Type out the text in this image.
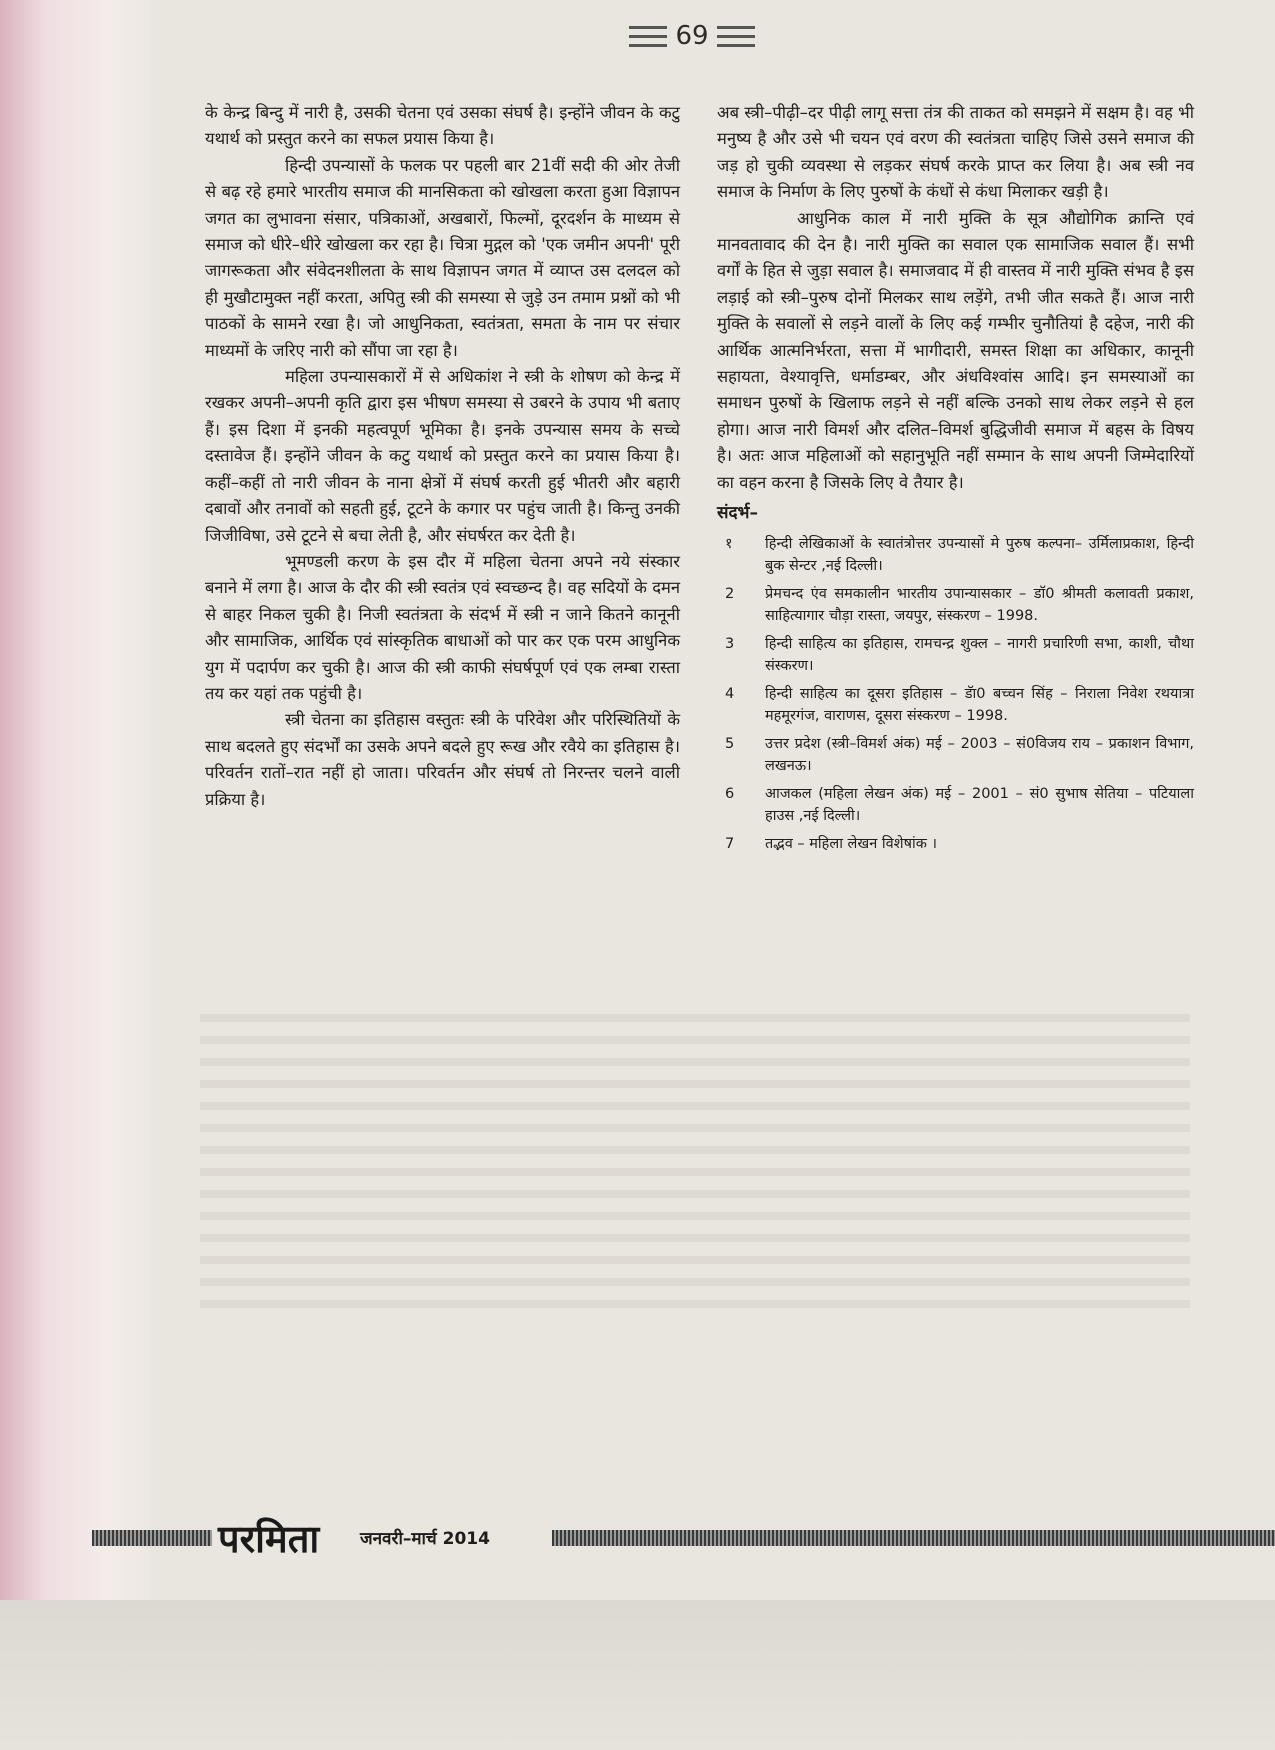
69

के केन्द्र बिन्दु में नारी है, उसकी चेतना एवं उसका संघर्ष है। इन्होंने जीवन के कटु यथार्थ को प्रस्तुत करने का सफल प्रयास किया है।

हिन्दी उपन्यासों के फलक पर पहली बार 21वीं सदी की ओर तेजी से बढ़ रहे हमारे भारतीय समाज की मानसिकता को खोखला करता हुआ विज्ञापन जगत का लुभावना संसार, पत्रिकाओं, अखबारों, फिल्मों, दूरदर्शन के माध्यम से समाज को धीरे–धीरे खोखला कर रहा है। चित्रा मुद्गल को 'एक जमीन अपनी' पूरी जागरूकता और संवेदनशीलता के साथ विज्ञापन जगत में व्याप्त उस दलदल को ही मुखौटामुक्त नहीं करता, अपितु स्त्री की समस्या से जुड़े उन तमाम प्रश्नों को भी पाठकों के सामने रखा है। जो आधुनिकता, स्वतंत्रता, समता के नाम पर संचार माध्यमों के जरिए नारी को सौंपा जा रहा है।

महिला उपन्यासकारों में से अधिकांश ने स्त्री के शोषण को केन्द्र में रखकर अपनी–अपनी कृति द्वारा इस भीषण समस्या से उबरने के उपाय भी बताए हैं। इस दिशा में इनकी महत्वपूर्ण भूमिका है। इनके उपन्यास समय के सच्चे दस्तावेज हैं। इन्होंने जीवन के कटु यथार्थ को प्रस्तुत करने का प्रयास किया है। कहीं–कहीं तो नारी जीवन के नाना क्षेत्रों में संघर्ष करती हुई भीतरी और बहारी दबावों और तनावों को सहती हुई, टूटने के कगार पर पहुंच जाती है। किन्तु उनकी जिजीविषा, उसे टूटने से बचा लेती है, और संघर्षरत कर देती है।

भूमण्डली करण के इस दौर में महिला चेतना अपने नये संस्कार बनाने में लगा है। आज के दौर की स्त्री स्वतंत्र एवं स्वच्छन्द है। वह सदियों के दमन से बाहर निकल चुकी है। निजी स्वतंत्रता के संदर्भ में स्त्री न जाने कितने कानूनी और सामाजिक, आर्थिक एवं सांस्कृतिक बाधाओं को पार कर एक परम आधुनिक युग में पदार्पण कर चुकी है। आज की स्त्री काफी संघर्षपूर्ण एवं एक लम्बा रास्ता तय कर यहां तक पहुंची है।

स्त्री चेतना का इतिहास वस्तुतः स्त्री के परिवेश और परिस्थितियों के साथ बदलते हुए संदर्भों का उसके अपने बदले हुए रूख और रवैये का इतिहास है। परिवर्तन रातों–रात नहीं हो जाता। परिवर्तन और संघर्ष तो निरन्तर चलने वाली प्रक्रिया है।

अब स्त्री–पीढ़ी–दर पीढ़ी लागू सत्ता तंत्र की ताकत को समझने में सक्षम है। वह भी मनुष्य है और उसे भी चयन एवं वरण की स्वतंत्रता चाहिए जिसे उसने समाज की जड़ हो चुकी व्यवस्था से लड़कर संघर्ष करके प्राप्त कर लिया है। अब स्त्री नव समाज के निर्माण के लिए पुरुषों के कंधों से कंधा मिलाकर खड़ी है।

आधुनिक काल में नारी मुक्ति के सूत्र औद्योगिक क्रान्ति एवं मानवतावाद की देन है। नारी मुक्ति का सवाल एक सामाजिक सवाल हैं। सभी वर्गों के हित से जुड़ा सवाल है। समाजवाद में ही वास्तव में नारी मुक्ति संभव है इस लड़ाई को स्त्री–पुरुष दोनों मिलकर साथ लड़ेंगे, तभी जीत सकते हैं। आज नारी मुक्ति के सवालों से लड़ने वालों के लिए कई गम्भीर चुनौतियां है दहेज, नारी की आर्थिक आत्मनिर्भरता, सत्ता में भागीदारी, समस्त शिक्षा का अधिकार, कानूनी सहायता, वेश्यावृत्ति, धर्माडम्बर, और अंधविश्वांस आदि। इन समस्याओं का समाधन पुरुषों के खिलाफ लड़ने से नहीं बल्कि उनको साथ लेकर लड़ने से हल होगा। आज नारी विमर्श और दलित–विमर्श बुद्धिजीवी समाज में बहस के विषय है। अतः आज महिलाओं को सहानुभूति नहीं सम्मान के साथ अपनी जिम्मेदारियों का वहन करना है जिसके लिए वे तैयार है।

संदर्भ–
१	हिन्दी लेखिकाओं के स्वातंत्रोत्तर उपन्यासों मे पुरुष कल्पना– उर्मिलाप्रकाश, हिन्दी बुक सेन्टर ,नई दिल्ली।
2	प्रेमचन्द एंव समकालीन भारतीय उपान्यासकार – डॉ0 श्रीमती कलावती प्रकाश, साहित्यागार चौड़ा रास्ता, जयपुर, संस्करण – 1998.
3	हिन्दी साहित्य का इतिहास, रामचन्द्र शुक्ल – नागरी प्रचारिणी सभा, काशी, चौथा संस्करण।
4	हिन्दी साहित्य का दूसरा इतिहास – डॅा0 बच्चन सिंह – निराला निवेश रथयात्रा महमूरगंज, वाराणस, दूसरा संस्करण – 1998.
5	उत्तर प्रदेश (स्त्री–विमर्श अंक) मई – 2003 – सं0विजय राय – प्रकाशन विभाग, लखनऊ।
6	आजकल (महिला लेखन अंक) मई – 2001 – सं0 सुभाष सेतिया – पटियाला हाउस ,नई दिल्ली।
7	तद्भव – महिला लेखन विशेषांक ।
परमिता जनवरी–मार्च 2014
